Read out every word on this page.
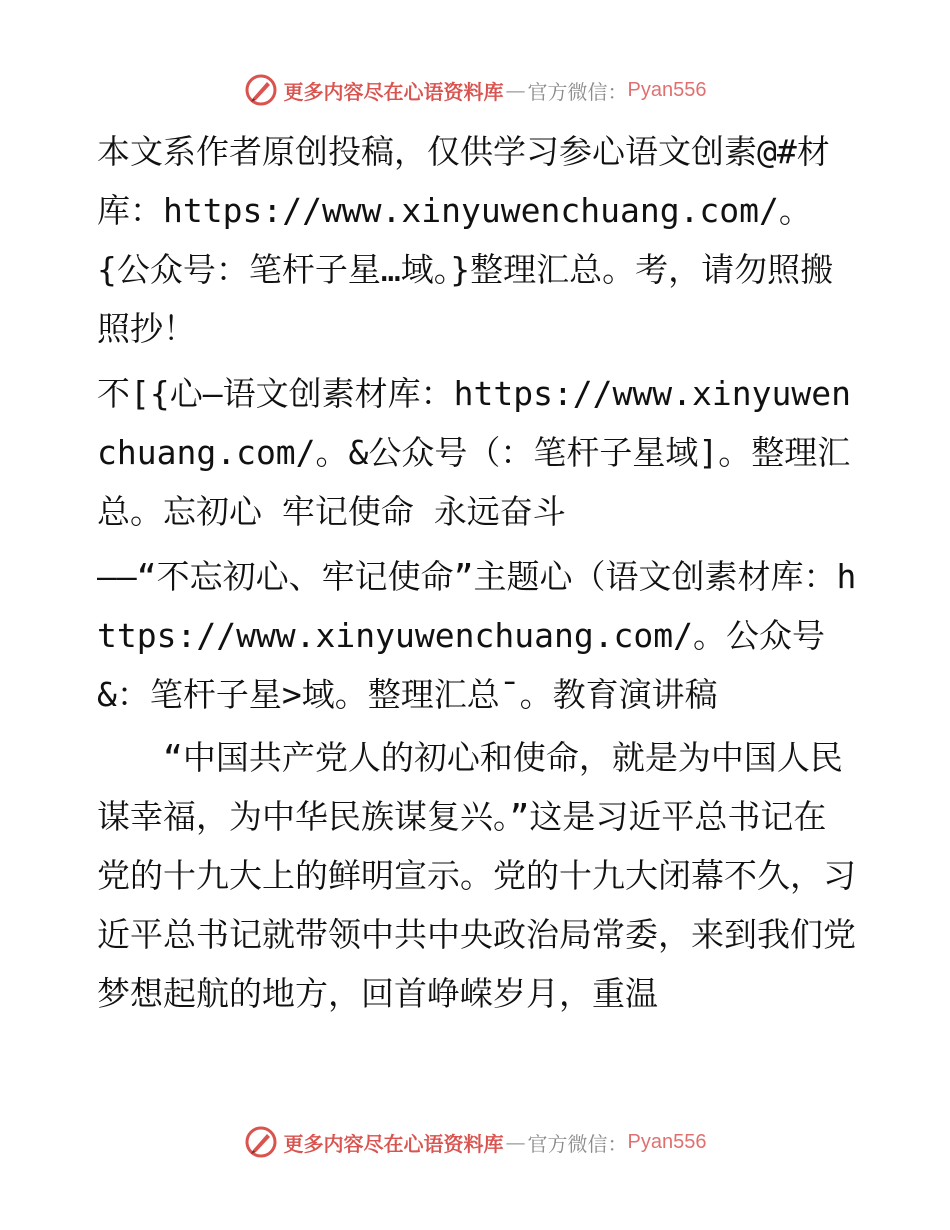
更多内容尽在心语资料库 — 官方微信： Pyan556

本文系作者原创投稿，仅供学习参心语文创素@#材库：https://www.xinyuwenchuang.com/。{公众号：笔杆子星…域。}整理汇总。考，请勿照搬照抄！

不[{心—语文创素材库：https://www.xinyuwenchuang.com/。&公众号（：笔杆子星域]。整理汇总。忘初心 牢记使命 永远奋斗

——“不忘初心、牢记使命”主题心（语文创素材库：https://www.xinyuwenchuang.com/。公众号&：笔杆子星>域。整理汇总¯。教育演讲稿

“中国共产党人的初心和使命，就是为中国人民谋幸福，为中华民族谋复兴。”这是习近平总书记在党的十九大上的鲜明宣示。党的十九大闭幕不久，习近平总书记就带领中共中央政治局常委，来到我们党梦想起航的地方，回首峥嵘岁月，重温

更多内容尽在心语资料库 — 官方微信： Pyan556
